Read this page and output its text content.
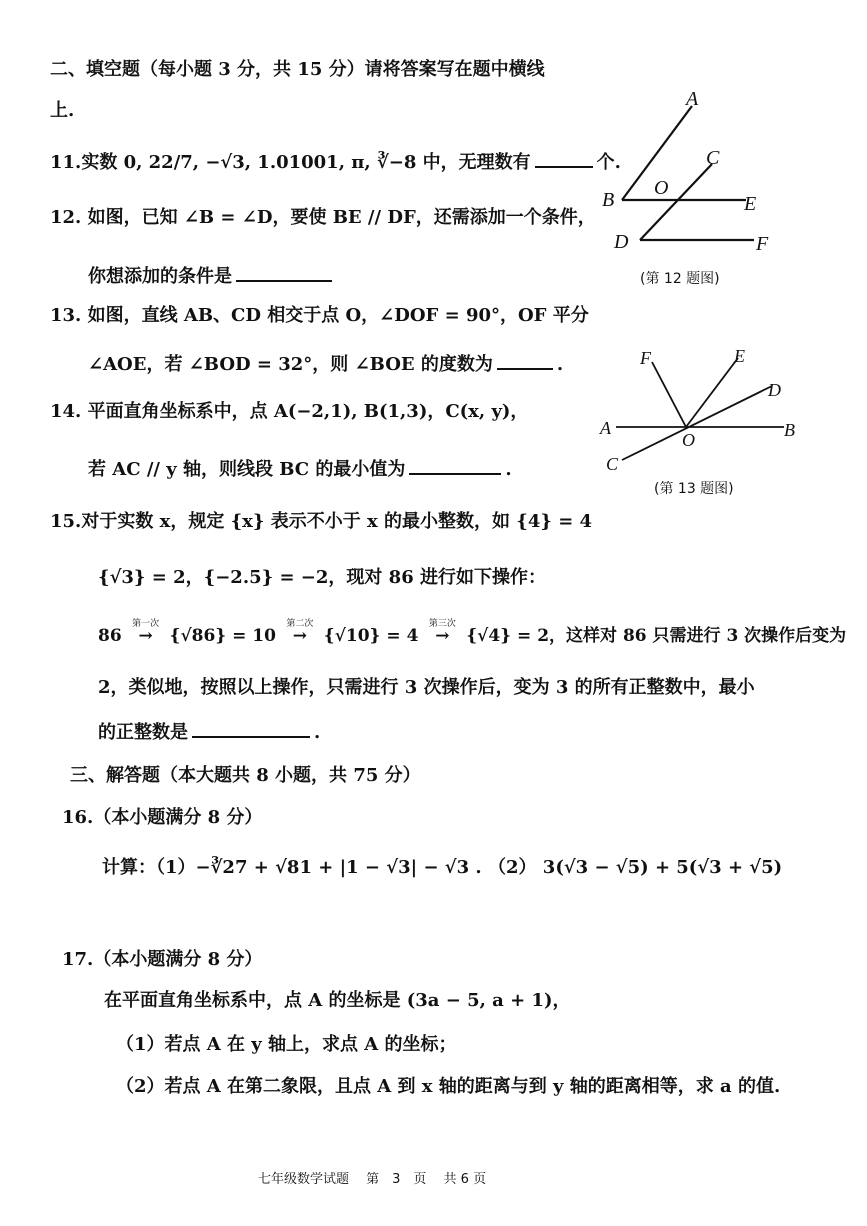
二、填空题（每小题 3 分，共 15 分）请将答案写在题中横线
上.
11.实数 0, 22/7, −√3, 1.01001, π, ∛−8 中，无理数有	个.
12. 如图，已知 ∠B = ∠D，要使 BE // DF，还需添加一个条件，
你想添加的条件是
13. 如图，直线 AB、CD 相交于点 O，∠DOF = 90°，OF 平分
∠AOE，若 ∠BOD = 32°，则 ∠BOE 的度数为	.
14. 平面直角坐标系中，点 A(−2,1), B(1,3)，C(x, y)，
若 AC // y 轴，则线段 BC 的最小值为	.
15.对于实数 x，规定 {x} 表示不小于 x 的最小整数，如 {4} = 4
{√3} = 2，{−2.5} = −2，现对 86 进行如下操作：
86
第一次
→ {√86} = 10
第二次
→ {√10} = 4
第三次
→ {√4} = 2，这样对 86 只需进行 3 次操作后变为
2，类似地，按照以上操作，只需进行 3 次操作后，变为 3 的所有正整数中，最小
的正整数是	.
三、解答题（本大题共 8 小题，共 75 分）
16.（本小题满分 8 分）
计算：（1）−∛27 + √81 + |1 − √3| − √3 . （2） 3(√3 − √5) + 5(√3 + √5)
17.（本小题满分 8 分）
在平面直角坐标系中，点 A 的坐标是 (3a − 5, a + 1)，
（1）若点 A 在 y 轴上，求点 A 的坐标；
（2）若点 A 在第二象限，且点 A 到 x 轴的距离与到 y 轴的距离相等，求 a 的值.
A
B
C
O
E
D	F
(第 12 题图)
F	E
D
A
O	B
C
(第 13 题图)
七年级数学试题　 第　3　页　 共 6 页
